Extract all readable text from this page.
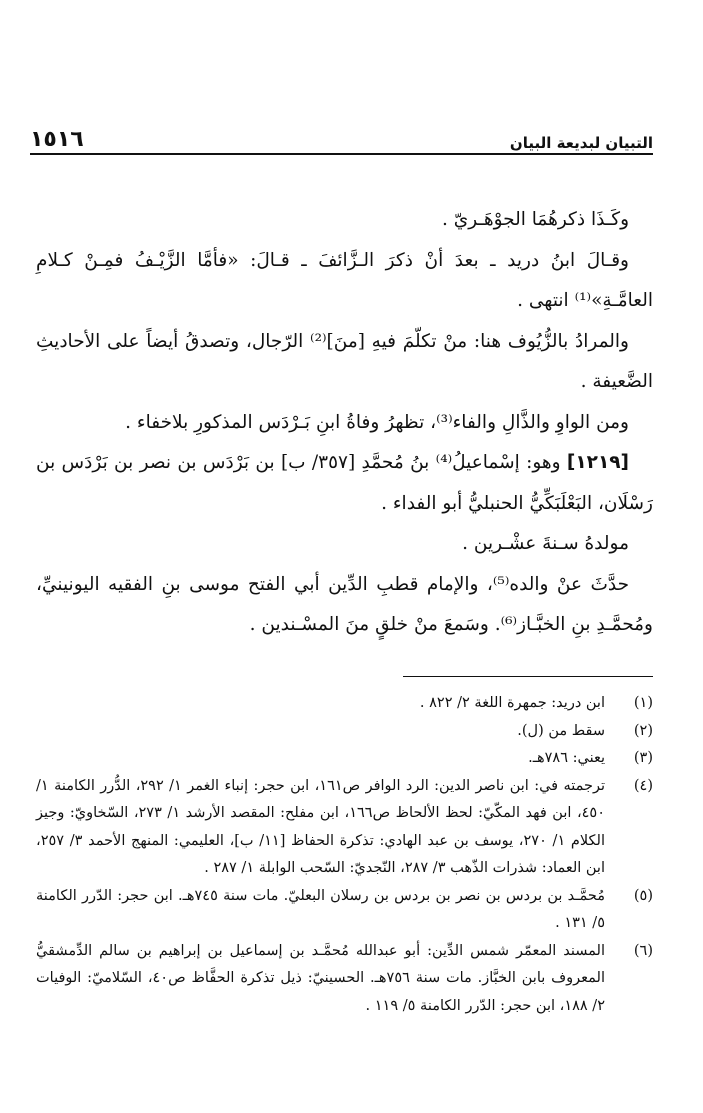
١٥١٦	التبيان لبديعة البيان

وكَـذَا ذكرهُمَا الجوْهَـريّ .

وقـالَ ابنُ دريد ـ بعدَ أنْ ذكرَ الـزَّائفَ ـ قـالَ: «فأمَّا الزَّيْـفُ فمِـنْ كـلامِ العامَّـةِ»⁽¹⁾ انتهى .

والمرادُ بالزُّيُوف هنا: منْ تكلّمَ فيهِ [منَ]⁽²⁾ الرّجال، وتصدقُ أيضاً على الأحاديثِ الضَّعيفة .

ومن الواوِ والذَّالِ والفاء⁽³⁾، تظهرُ وفاةُ ابنِ بَـرْدَس المذكورِ بلاخفاء .

[١٢١٩] وهو: إسْماعيلُ⁽⁴⁾ بنُ مُحمَّدِ [٣٥٧/ ب] بن بَرْدَس بن نصر بن بَرْدَس بن رَسْلَان، البَعْلَبَكِّيُّ الحنبليُّ أبو الفداء .

مولدهُ سـنةَ عشْـرين .

حدَّثَ عنْ والده⁽⁵⁾، والإمام قطبِ الدِّين أبي الفتح موسى بنِ الفقيه اليونينيِّ، ومُحمَّـدِ بنِ الخبَّـاز⁽⁶⁾. وسَمعَ منْ خلقٍ منَ المسْـندين .

(١)
ابن دريد: جمهرة اللغة ٢/ ٨٢٢ .
(٢)
سقط من (ل).
(٣)
يعني: ٧٨٦هـ.
(٤)
ترجمته في: ابن ناصر الدين: الرد الوافر ص١٦١، ابن حجر: إنباء الغمر ١/ ٢٩٢، الدُّرر الكامنة ١/ ٤٥٠، ابن فهد المكّيّ: لحظ الألحاظ ص١٦٦، ابن مفلح: المقصد الأرشد ١/ ٢٧٣، السّخاويّ: وجيز الكلام ١/ ٢٧٠، يوسف بن عبد الهادي: تذكرة الحفاظ [١١/ ب]، العليمي: المنهج الأحمد ٣/ ٢٥٧، ابن العماد: شذرات الذّهب ٣/ ٢٨٧، النّجديّ: السّحب الوابلة ١/ ٢٨٧ .
(٥)
مُحمَّـد بن بردس بن نصر بن بردس بن رسلان البعليّ. مات سنة ٧٤٥هـ. ابن حجر: الدّرر الكامنة ٥/ ١٣١ .
(٦)
المسند المعمّر شمس الدِّين: أبو عبدالله مُحمَّـد بن إسماعيل بن إبراهيم بن سالم الدِّمشقيُّ المعروف بابن الخبَّاز. مات سنة ٧٥٦هـ. الحسينيّ: ذيل تذكرة الحفَّاظ ص٤٠، السّلاميّ: الوفيات ٢/ ١٨٨، ابن حجر: الدّرر الكامنة ٥/ ١١٩ .
